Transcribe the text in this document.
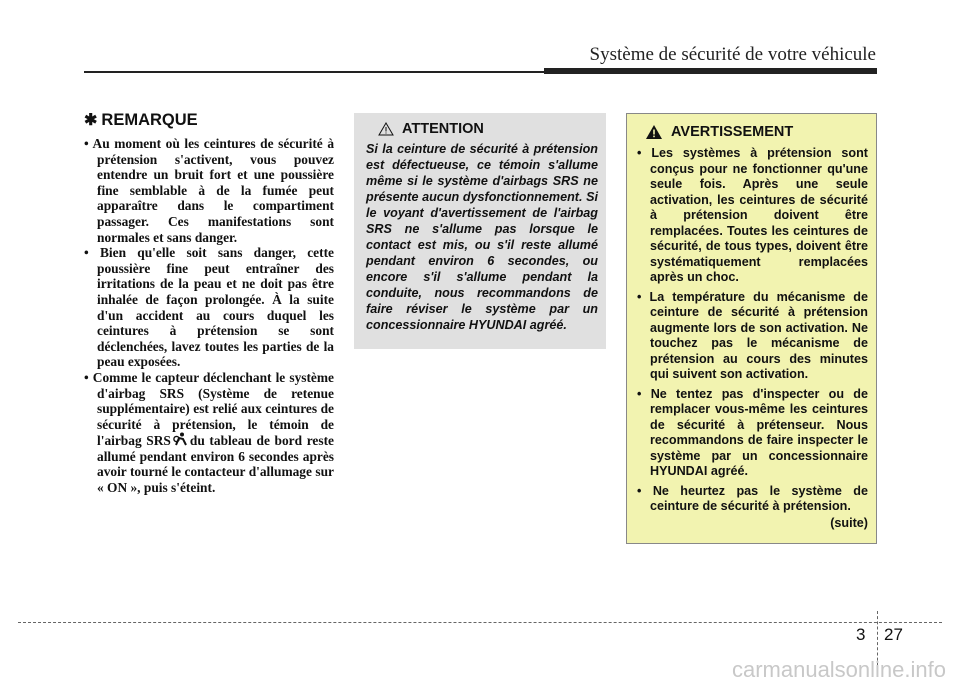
Système de sécurité de votre véhicule
✱ REMARQUE
• Au moment où les ceintures de sécurité à prétension s'activent, vous pouvez entendre un bruit fort et une poussière fine semblable à de la fumée peut apparaître dans le compartiment passager. Ces manifestations sont normales et sans danger.
• Bien qu'elle soit sans danger, cette poussière fine peut entraîner des irritations de la peau et ne doit pas être inhalée de façon prolongée. À la suite d'un accident au cours duquel les ceintures à prétension se sont déclenchées, lavez toutes les parties de la peau exposées.
• Comme le capteur déclenchant le système d'airbag SRS (Système de retenue supplémentaire) est relié aux ceintures de sécurité à prétension, le témoin de l'airbag SRS du tableau de bord reste allumé pendant environ 6 secondes après avoir tourné le contacteur d'allumage sur « ON », puis s'éteint.
ATTENTION

Si la ceinture de sécurité à prétension est défectueuse, ce témoin s'allume même si le système d'airbags SRS ne présente aucun dysfonctionnement. Si le voyant d'avertissement de l'airbag SRS ne s'allume pas lorsque le contact est mis, ou s'il reste allumé pendant environ 6 secondes, ou encore s'il s'allume pendant la conduite, nous recommandons de faire réviser le système par un concessionnaire HYUNDAI agréé.

AVERTISSEMENT
• Les systèmes à prétension sont conçus pour ne fonctionner qu'une seule fois. Après une seule activation, les ceintures de sécurité à prétension doivent être remplacées. Toutes les ceintures de sécurité, de tous types, doivent être systématiquement remplacées après un choc.
• La température du mécanisme de ceinture de sécurité à prétension augmente lors de son activation. Ne touchez pas le mécanisme de prétension au cours des minutes qui suivent son activation.
• Ne tentez pas d'inspecter ou de remplacer vous-même les ceintures de sécurité à prétenseur. Nous recommandons de faire inspecter le système par un concessionnaire HYUNDAI agréé.
• Ne heurtez pas le système de ceinture de sécurité à prétension.
(suite)
3 27
carmanualsonline.info
